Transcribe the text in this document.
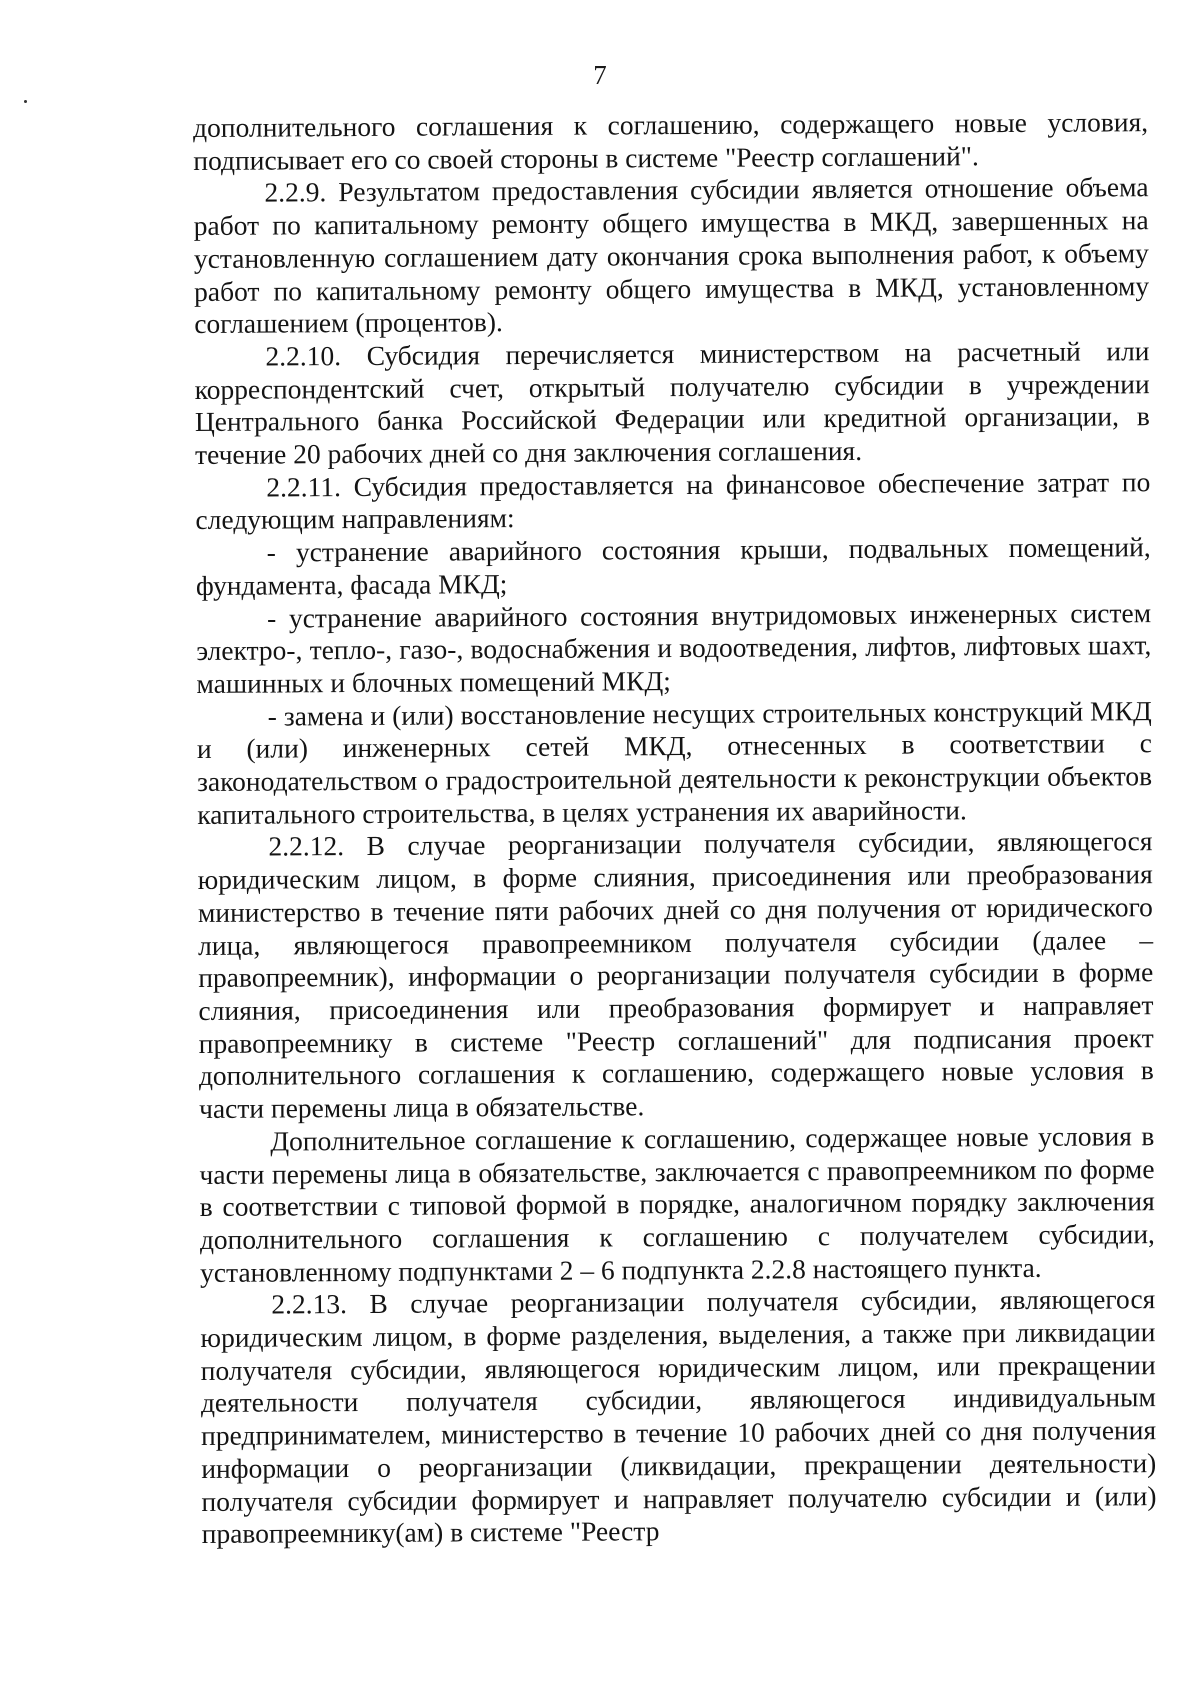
7

дополнительного соглашения к соглашению, содержащего новые условия, подписывает его со своей стороны в системе "Реестр соглашений".

2.2.9. Результатом предоставления субсидии является отношение объема работ по капитальному ремонту общего имущества в МКД, завершенных на установленную соглашением дату окончания срока выполнения работ, к объему работ по капитальному ремонту общего имущества в МКД, установленному соглашением (процентов).

2.2.10. Субсидия перечисляется министерством на расчетный или корреспондентский счет, открытый получателю субсидии в учреждении Центрального банка Российской Федерации или кредитной организации, в течение 20 рабочих дней со дня заключения соглашения.

2.2.11. Субсидия предоставляется на финансовое обеспечение затрат по следующим направлениям:

- устранение аварийного состояния крыши, подвальных помещений, фундамента, фасада МКД;

- устранение аварийного состояния внутридомовых инженерных систем электро-, тепло-, газо-, водоснабжения и водоотведения, лифтов, лифтовых шахт, машинных и блочных помещений МКД;

- замена и (или) восстановление несущих строительных конструкций МКД и (или) инженерных сетей МКД, отнесенных в соответствии с законодательством о градостроительной деятельности к реконструкции объектов капитального строительства, в целях устранения их аварийности.

2.2.12. В случае реорганизации получателя субсидии, являющегося юридическим лицом, в форме слияния, присоединения или преобразования министерство в течение пяти рабочих дней со дня получения от юридического лица, являющегося правопреемником получателя субсидии (далее – правопреемник), информации о реорганизации получателя субсидии в форме слияния, присоединения или преобразования формирует и направляет правопреемнику в системе "Реестр соглашений" для подписания проект дополнительного соглашения к соглашению, содержащего новые условия в части перемены лица в обязательстве.

Дополнительное соглашение к соглашению, содержащее новые условия в части перемены лица в обязательстве, заключается с правопреемником по форме в соответствии с типовой формой в порядке, аналогичном порядку заключения дополнительного соглашения к соглашению с получателем субсидии, установленному подпунктами 2 – 6 подпункта 2.2.8 настоящего пункта.

2.2.13. В случае реорганизации получателя субсидии, являющегося юридическим лицом, в форме разделения, выделения, а также при ликвидации получателя субсидии, являющегося юридическим лицом, или прекращении деятельности получателя субсидии, являющегося индивидуальным предпринимателем, министерство в течение 10 рабочих дней со дня получения информации о реорганизации (ликвидации, прекращении деятельности) получателя субсидии формирует и направляет получателю субсидии и (или) правопреемнику(ам) в системе "Реестр
